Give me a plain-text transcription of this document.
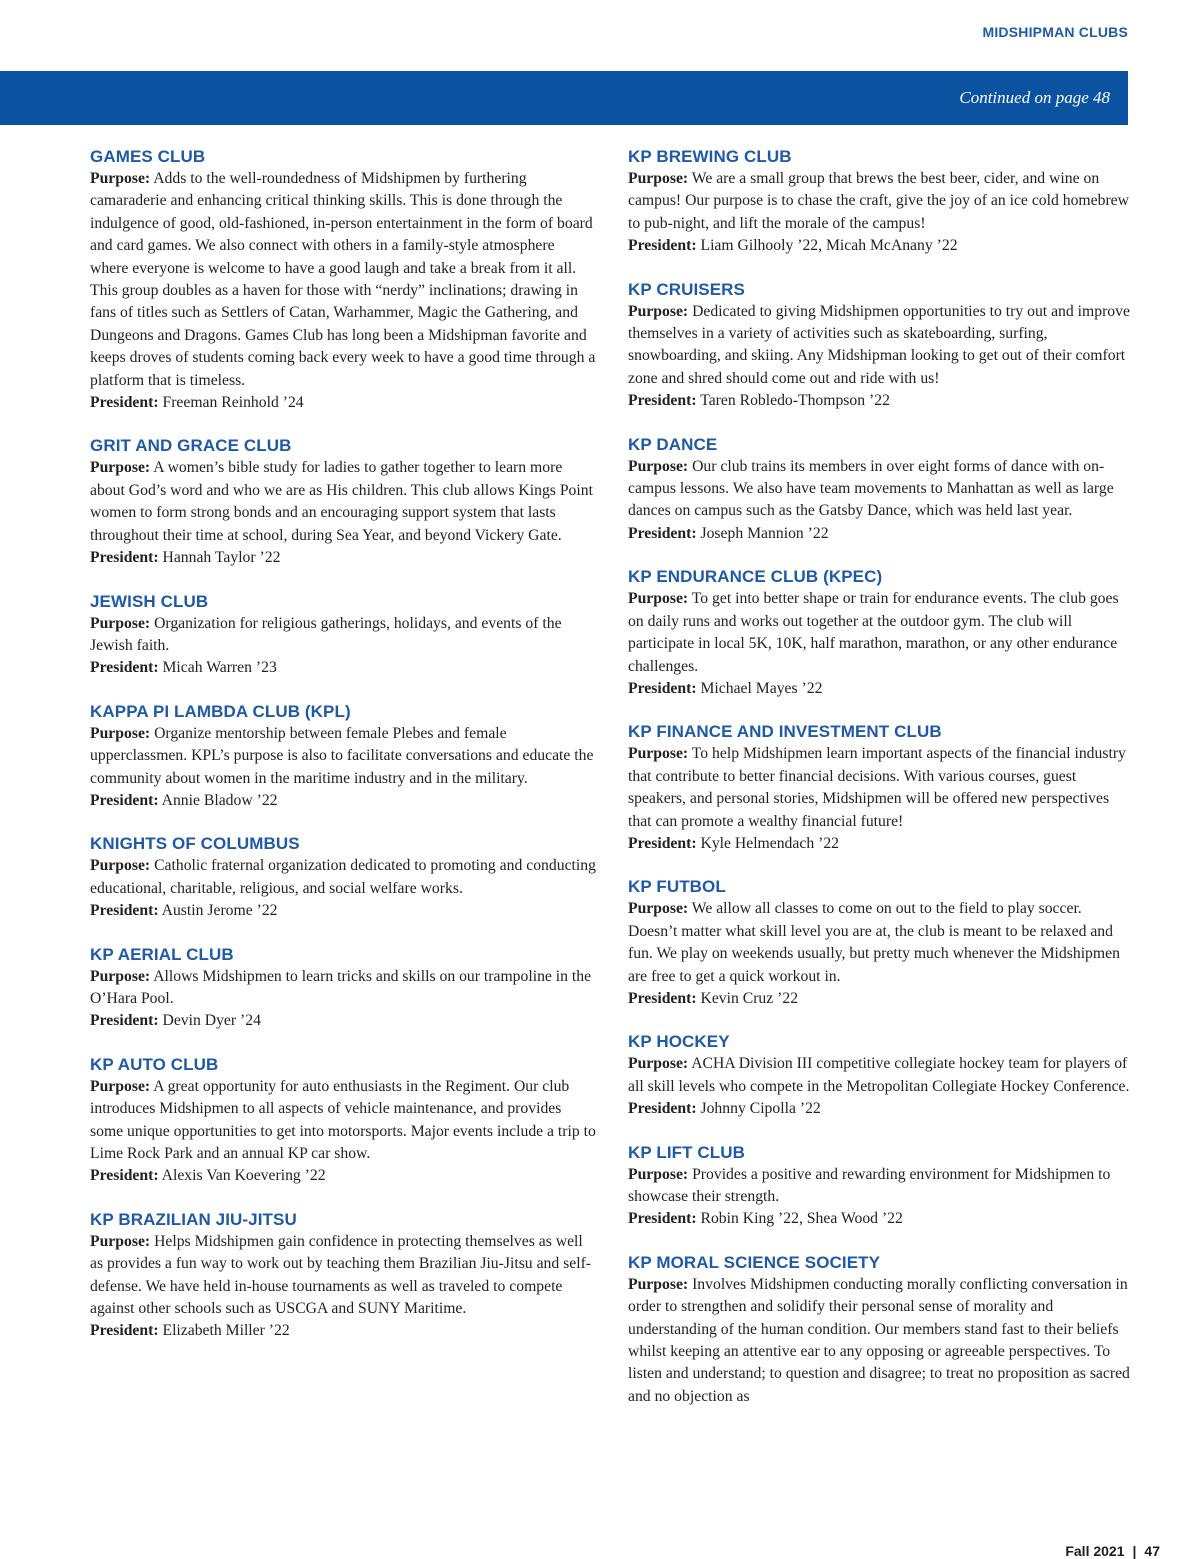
MIDSHIPMAN CLUBS
Continued on page 48
GAMES CLUB

Purpose: Adds to the well-roundedness of Midshipmen by furthering camaraderie and enhancing critical thinking skills. This is done through the indulgence of good, old-fashioned, in-person entertainment in the form of board and card games. We also connect with others in a family-style atmosphere where everyone is welcome to have a good laugh and take a break from it all. This group doubles as a haven for those with “nerdy” inclinations; drawing in fans of titles such as Settlers of Catan, Warhammer, Magic the Gathering, and Dungeons and Dragons. Games Club has long been a Midshipman favorite and keeps droves of students coming back every week to have a good time through a platform that is timeless.

President: Freeman Reinhold ’24

GRIT AND GRACE CLUB

Purpose: A women’s bible study for ladies to gather together to learn more about God’s word and who we are as His children. This club allows Kings Point women to form strong bonds and an encouraging support system that lasts throughout their time at school, during Sea Year, and beyond Vickery Gate.

President: Hannah Taylor ’22

JEWISH CLUB

Purpose: Organization for religious gatherings, holidays, and events of the Jewish faith.

President: Micah Warren ’23

KAPPA PI LAMBDA CLUB (KPL)

Purpose: Organize mentorship between female Plebes and female upperclassmen. KPL’s purpose is also to facilitate conversations and educate the community about women in the maritime industry and in the military.

President: Annie Bladow ’22

KNIGHTS OF COLUMBUS

Purpose: Catholic fraternal organization dedicated to promoting and conducting educational, charitable, religious, and social welfare works.

President: Austin Jerome ’22

KP AERIAL CLUB

Purpose: Allows Midshipmen to learn tricks and skills on our trampoline in the O’Hara Pool.

President: Devin Dyer ’24

KP AUTO CLUB

Purpose: A great opportunity for auto enthusiasts in the Regiment. Our club introduces Midshipmen to all aspects of vehicle maintenance, and provides some unique opportunities to get into motorsports. Major events include a trip to Lime Rock Park and an annual KP car show.

President: Alexis Van Koevering ’22

KP BRAZILIAN JIU-JITSU

Purpose: Helps Midshipmen gain confidence in protecting themselves as well as provides a fun way to work out by teaching them Brazilian Jiu-Jitsu and self-defense. We have held in-house tournaments as well as traveled to compete against other schools such as USCGA and SUNY Maritime.

President: Elizabeth Miller ’22

KP BREWING CLUB

Purpose: We are a small group that brews the best beer, cider, and wine on campus! Our purpose is to chase the craft, give the joy of an ice cold homebrew to pub-night, and lift the morale of the campus!

President: Liam Gilhooly ’22, Micah McAnany ’22

KP CRUISERS

Purpose: Dedicated to giving Midshipmen opportunities to try out and improve themselves in a variety of activities such as skateboarding, surfing, snowboarding, and skiing. Any Midshipman looking to get out of their comfort zone and shred should come out and ride with us!

President: Taren Robledo-Thompson ’22

KP DANCE

Purpose: Our club trains its members in over eight forms of dance with on-campus lessons. We also have team movements to Manhattan as well as large dances on campus such as the Gatsby Dance, which was held last year.

President: Joseph Mannion ’22

KP ENDURANCE CLUB (KPEC)

Purpose: To get into better shape or train for endurance events. The club goes on daily runs and works out together at the outdoor gym. The club will participate in local 5K, 10K, half marathon, marathon, or any other endurance challenges.

President: Michael Mayes ’22

KP FINANCE AND INVESTMENT CLUB

Purpose: To help Midshipmen learn important aspects of the financial industry that contribute to better financial decisions. With various courses, guest speakers, and personal stories, Midshipmen will be offered new perspectives that can promote a wealthy financial future!

President: Kyle Helmendach ’22

KP FUTBOL

Purpose: We allow all classes to come on out to the field to play soccer. Doesn’t matter what skill level you are at, the club is meant to be relaxed and fun. We play on weekends usually, but pretty much whenever the Midshipmen are free to get a quick workout in.

President: Kevin Cruz ’22

KP HOCKEY

Purpose: ACHA Division III competitive collegiate hockey team for players of all skill levels who compete in the Metropolitan Collegiate Hockey Conference.

President: Johnny Cipolla ’22

KP LIFT CLUB

Purpose: Provides a positive and rewarding environment for Midshipmen to showcase their strength.

President: Robin King ’22, Shea Wood ’22

KP MORAL SCIENCE SOCIETY

Purpose: Involves Midshipmen conducting morally conflicting conversation in order to strengthen and solidify their personal sense of morality and understanding of the human condition. Our members stand fast to their beliefs whilst keeping an attentive ear to any opposing or agreeable perspectives. To listen and understand; to question and disagree; to treat no proposition as sacred and no objection as

Fall 2021 | 47
